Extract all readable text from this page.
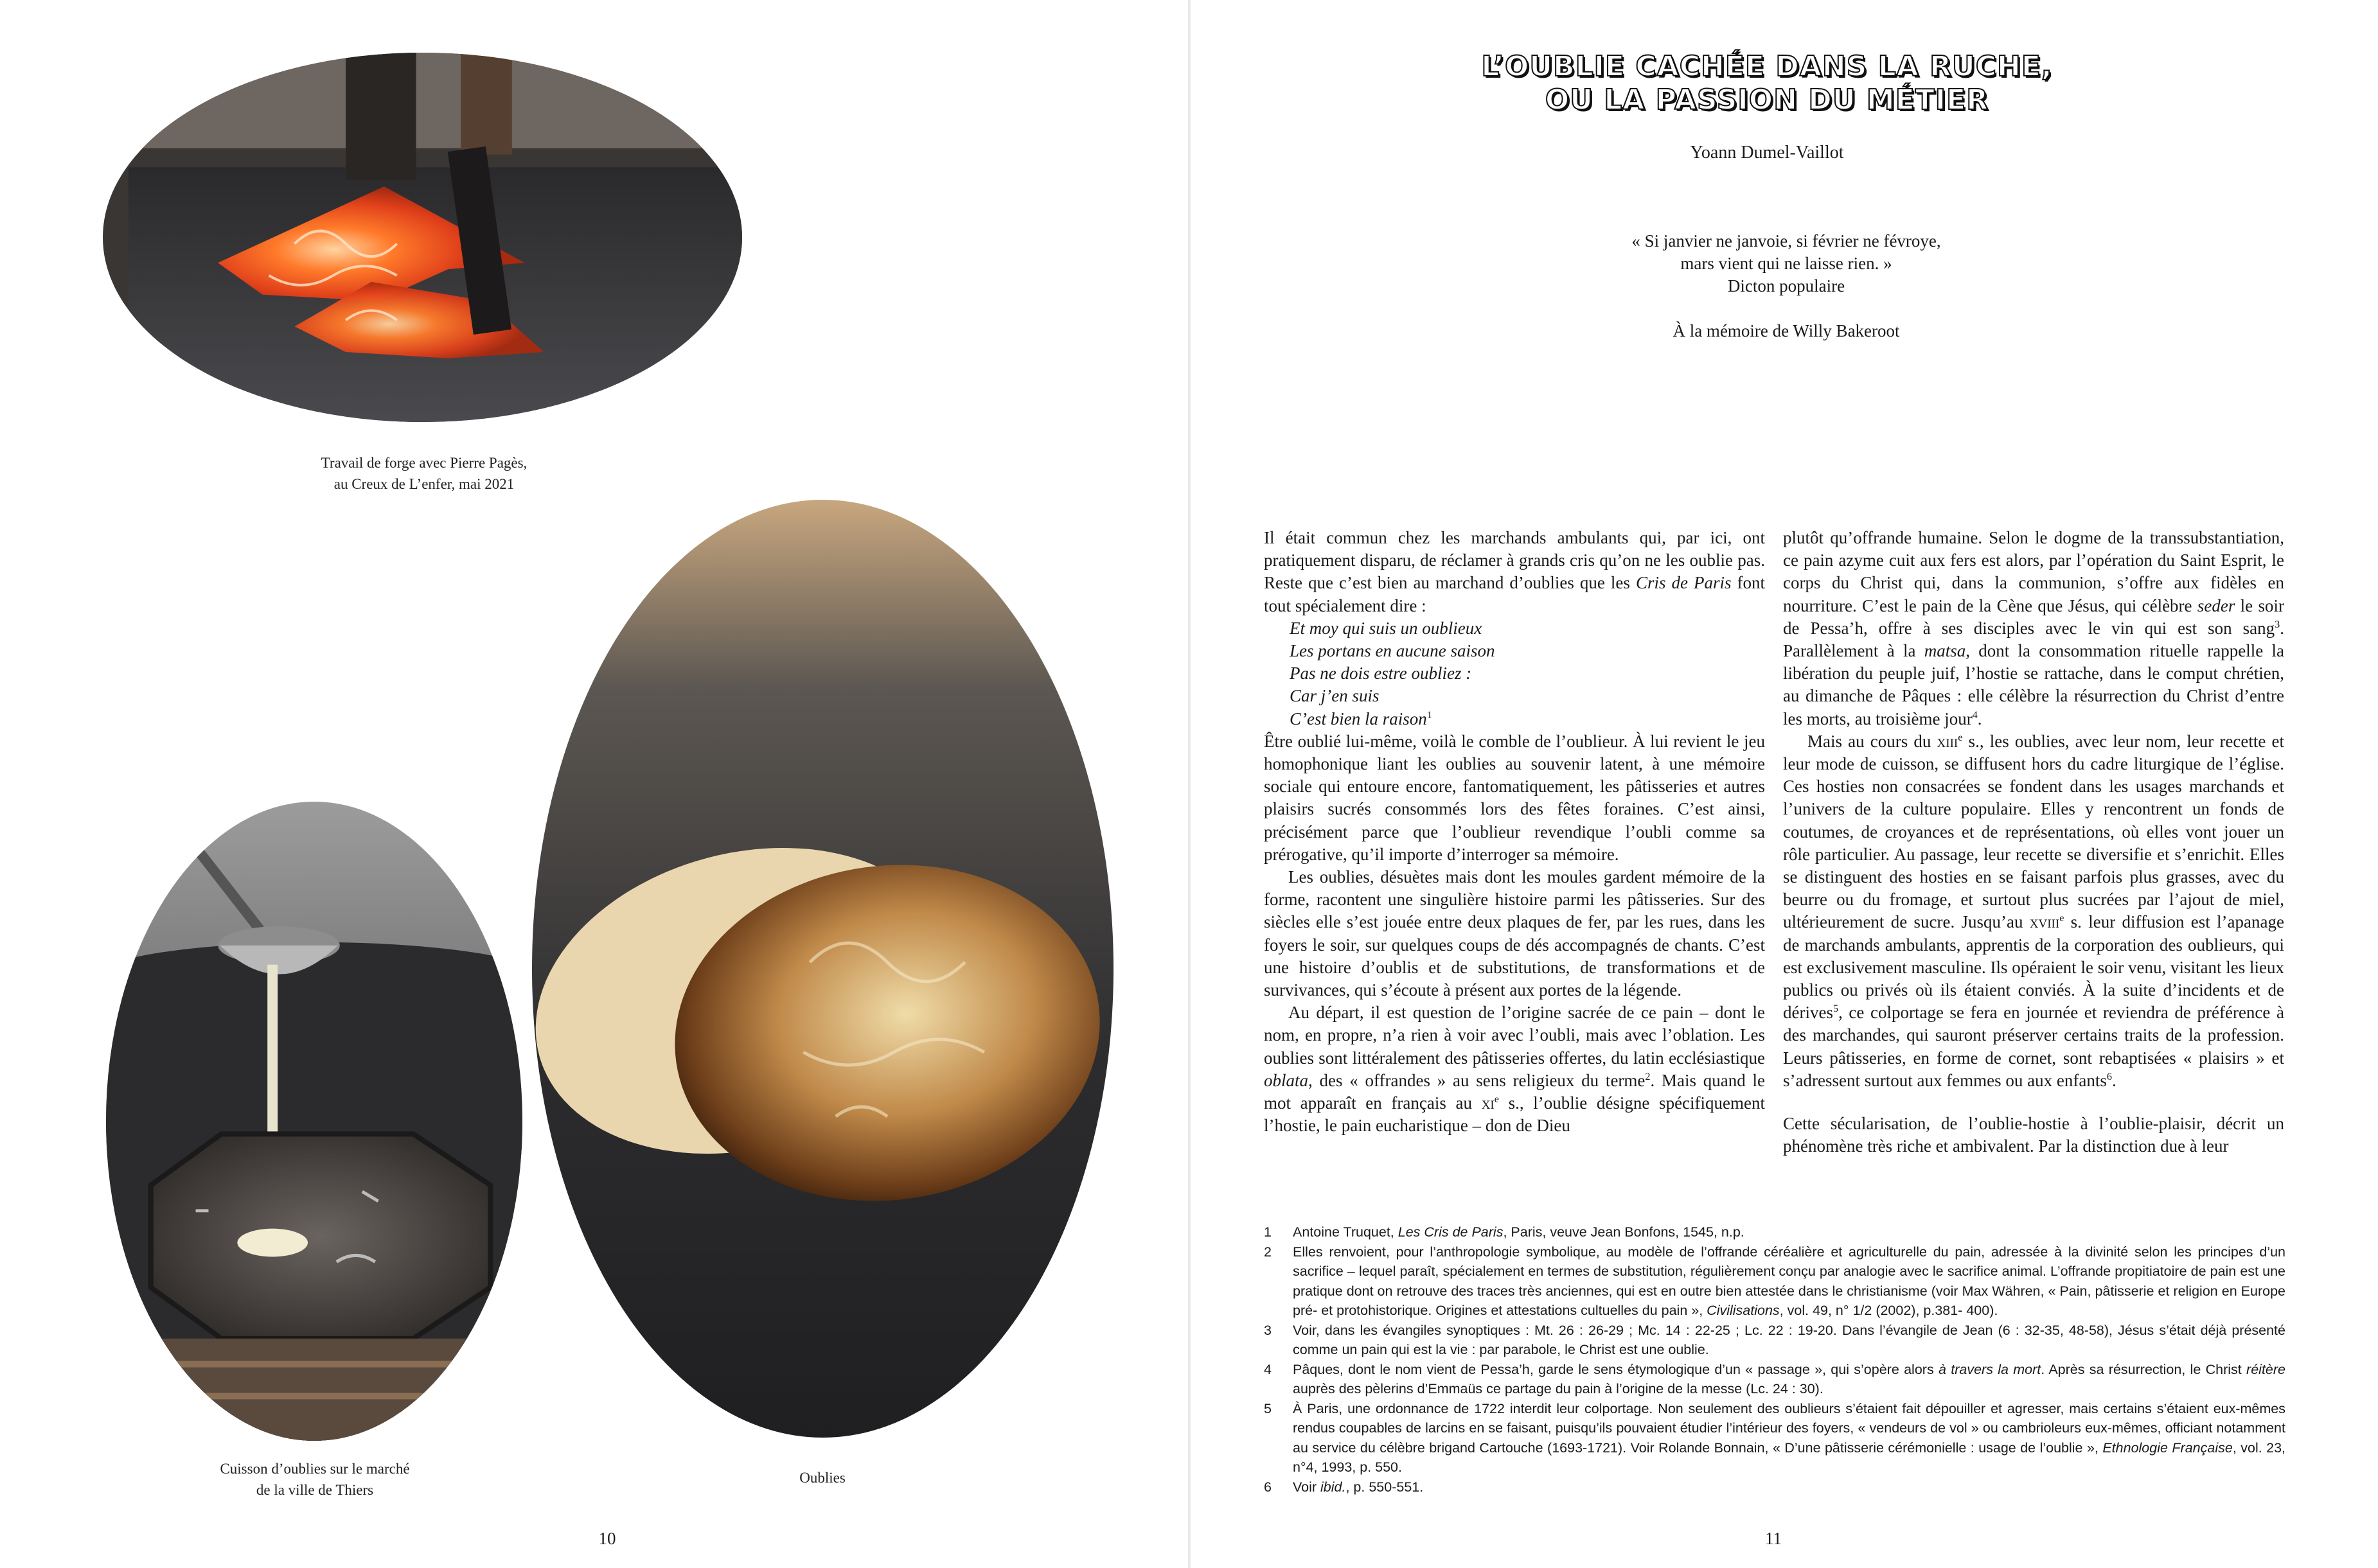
Travail de forge avec Pierre Pagès,
au Creux de L’enfer, mai 2021
Cuisson d’oublies sur le marché
de la ville de Thiers
Oublies
10
L’OUBLIE CACHÉE DANS LA RUCHE,
OU LA PASSION DU MÉTIER
Yoann Dumel-Vaillot
« Si janvier ne janvoie, si février ne févroye,
mars vient qui ne laisse rien. »
Dicton populaire
À la mémoire de Willy Bakeroot

Il était commun chez les marchands ambulants qui, par ici, ont pratiquement disparu, de réclamer à grands cris qu’on ne les oublie pas. Reste que c’est bien au marchand d’oublies que les Cris de Paris font tout spécialement dire :

Et moy qui suis un oublieux
Les portans en aucune saison
Pas ne dois estre oubliez :
Car j’en suis
C’est bien la raison$^1$

Être oublié lui-même, voilà le comble de l’oublieur. À lui revient le jeu homophonique liant les oublies au souvenir latent, à une mémoire sociale qui entoure encore, fantomatiquement, les pâtisseries et autres plaisirs sucrés consommés lors des fêtes foraines. C’est ainsi, précisément parce que l’oublieur revendique l’oubli comme sa prérogative, qu’il importe d’interroger sa mémoire.

Les oublies, désuètes mais dont les moules gardent mémoire de la forme, racontent une singulière histoire parmi les pâtisseries. Sur des siècles elle s’est jouée entre deux plaques de fer, par les rues, dans les foyers le soir, sur quelques coups de dés accompagnés de chants. C’est une histoire d’oublis et de substitutions, de transformations et de survivances, qui s’écoute à présent aux portes de la légende.

Au départ, il est question de l’origine sacrée de ce pain – dont le nom, en propre, n’a rien à voir avec l’oubli, mais avec l’oblation. Les oublies sont littéralement des pâtisseries offertes, du latin ecclésiastique oblata, des « offrandes » au sens religieux du terme$^2$. Mais quand le mot apparaît en français au $xi^e$ s., l’oublie désigne spécifiquement l’hostie, le pain eucharistique – don de Dieu

plutôt qu’offrande humaine. Selon le dogme de la transsubstantiation, ce pain azyme cuit aux fers est alors, par l’opération du Saint Esprit, le corps du Christ qui, dans la communion, s’offre aux fidèles en nourriture. C’est le pain de la Cène que Jésus, qui célèbre seder le soir de Pessa’h, offre à ses disciples avec le vin qui est son sang$^3$. Parallèlement à la matsa, dont la consommation rituelle rappelle la libération du peuple juif, l’hostie se rattache, dans le comput chrétien, au dimanche de Pâques : elle célèbre la résurrection du Christ d’entre les morts, au troisième jour$^4$.

Mais au cours du xiii$^e$ s., les oublies, avec leur nom, leur recette et leur mode de cuisson, se diffusent hors du cadre liturgique de l’église. Ces hosties non consacrées se fondent dans les usages marchands et l’univers de la culture populaire. Elles y rencontrent un fonds de coutumes, de croyances et de représentations, où elles vont jouer un rôle particulier. Au passage, leur recette se diversifie et s’enrichit. Elles se distinguent des hosties en se faisant parfois plus grasses, avec du beurre ou du fromage, et surtout plus sucrées par l’ajout de miel, ultérieurement de sucre. Jusqu’au xviii$^e$ s. leur diffusion est l’apanage de marchands ambulants, apprentis de la corporation des oublieurs, qui est exclusivement masculine. Ils opéraient le soir venu, visitant les lieux publics ou privés où ils étaient conviés. À la suite d’incidents et de dérives$^5$, ce colportage se fera en journée et reviendra de préférence à des marchandes, qui sauront préserver certains traits de la profession. Leurs pâtisseries, en forme de cornet, sont rebaptisées « plaisirs » et s’adressent surtout aux femmes ou aux enfants$^6$.

Cette sécularisation, de l’oublie-hostie à l’oublie-plaisir, décrit un phénomène très riche et ambivalent. Par la distinction due à leur

1	Antoine Truquet, Les Cris de Paris, Paris, veuve Jean Bonfons, 1545, n.p.
2	Elles renvoient, pour l’anthropologie symbolique, au modèle de l’offrande céréalière et agriculturelle du pain, adressée à la divinité selon les principes d’un sacrifice – lequel paraît, spécialement en termes de substitution, régulièrement conçu par analogie avec le sacrifice animal. L’offrande propitiatoire de pain est une pratique dont on retrouve des traces très anciennes, qui est en outre bien attestée dans le christianisme (voir Max Währen, « Pain, pâtisserie et religion en Europe pré- et protohistorique. Origines et attestations cultuelles du pain », Civilisations, vol. 49, n° 1/2 (2002), p.381- 400).
3	Voir, dans les évangiles synoptiques : Mt. 26 : 26-29 ; Mc. 14 : 22-25 ; Lc. 22 : 19-20. Dans l’évangile de Jean (6 : 32-35, 48-58), Jésus s’était déjà présenté comme un pain qui est la vie : par parabole, le Christ est une oublie.
4	Pâques, dont le nom vient de Pessa’h, garde le sens étymologique d’un « passage », qui s’opère alors à travers la mort. Après sa résurrection, le Christ réitère auprès des pèlerins d’Emmaüs ce partage du pain à l’origine de la messe (Lc. 24 : 30).
5	À Paris, une ordonnance de 1722 interdit leur colportage. Non seulement des oublieurs s’étaient fait dépouiller et agresser, mais certains s’étaient eux-mêmes rendus coupables de larcins en se faisant, puisqu’ils pouvaient étudier l’intérieur des foyers, « vendeurs de vol » ou cambrioleurs eux-mêmes, officiant notamment au service du célèbre brigand Cartouche (1693-1721). Voir Rolande Bonnain, « D’une pâtisserie cérémonielle : usage de l’oublie », Ethnologie Française, vol. 23, n°4, 1993, p. 550.
6	Voir ibid., p. 550-551.
11
